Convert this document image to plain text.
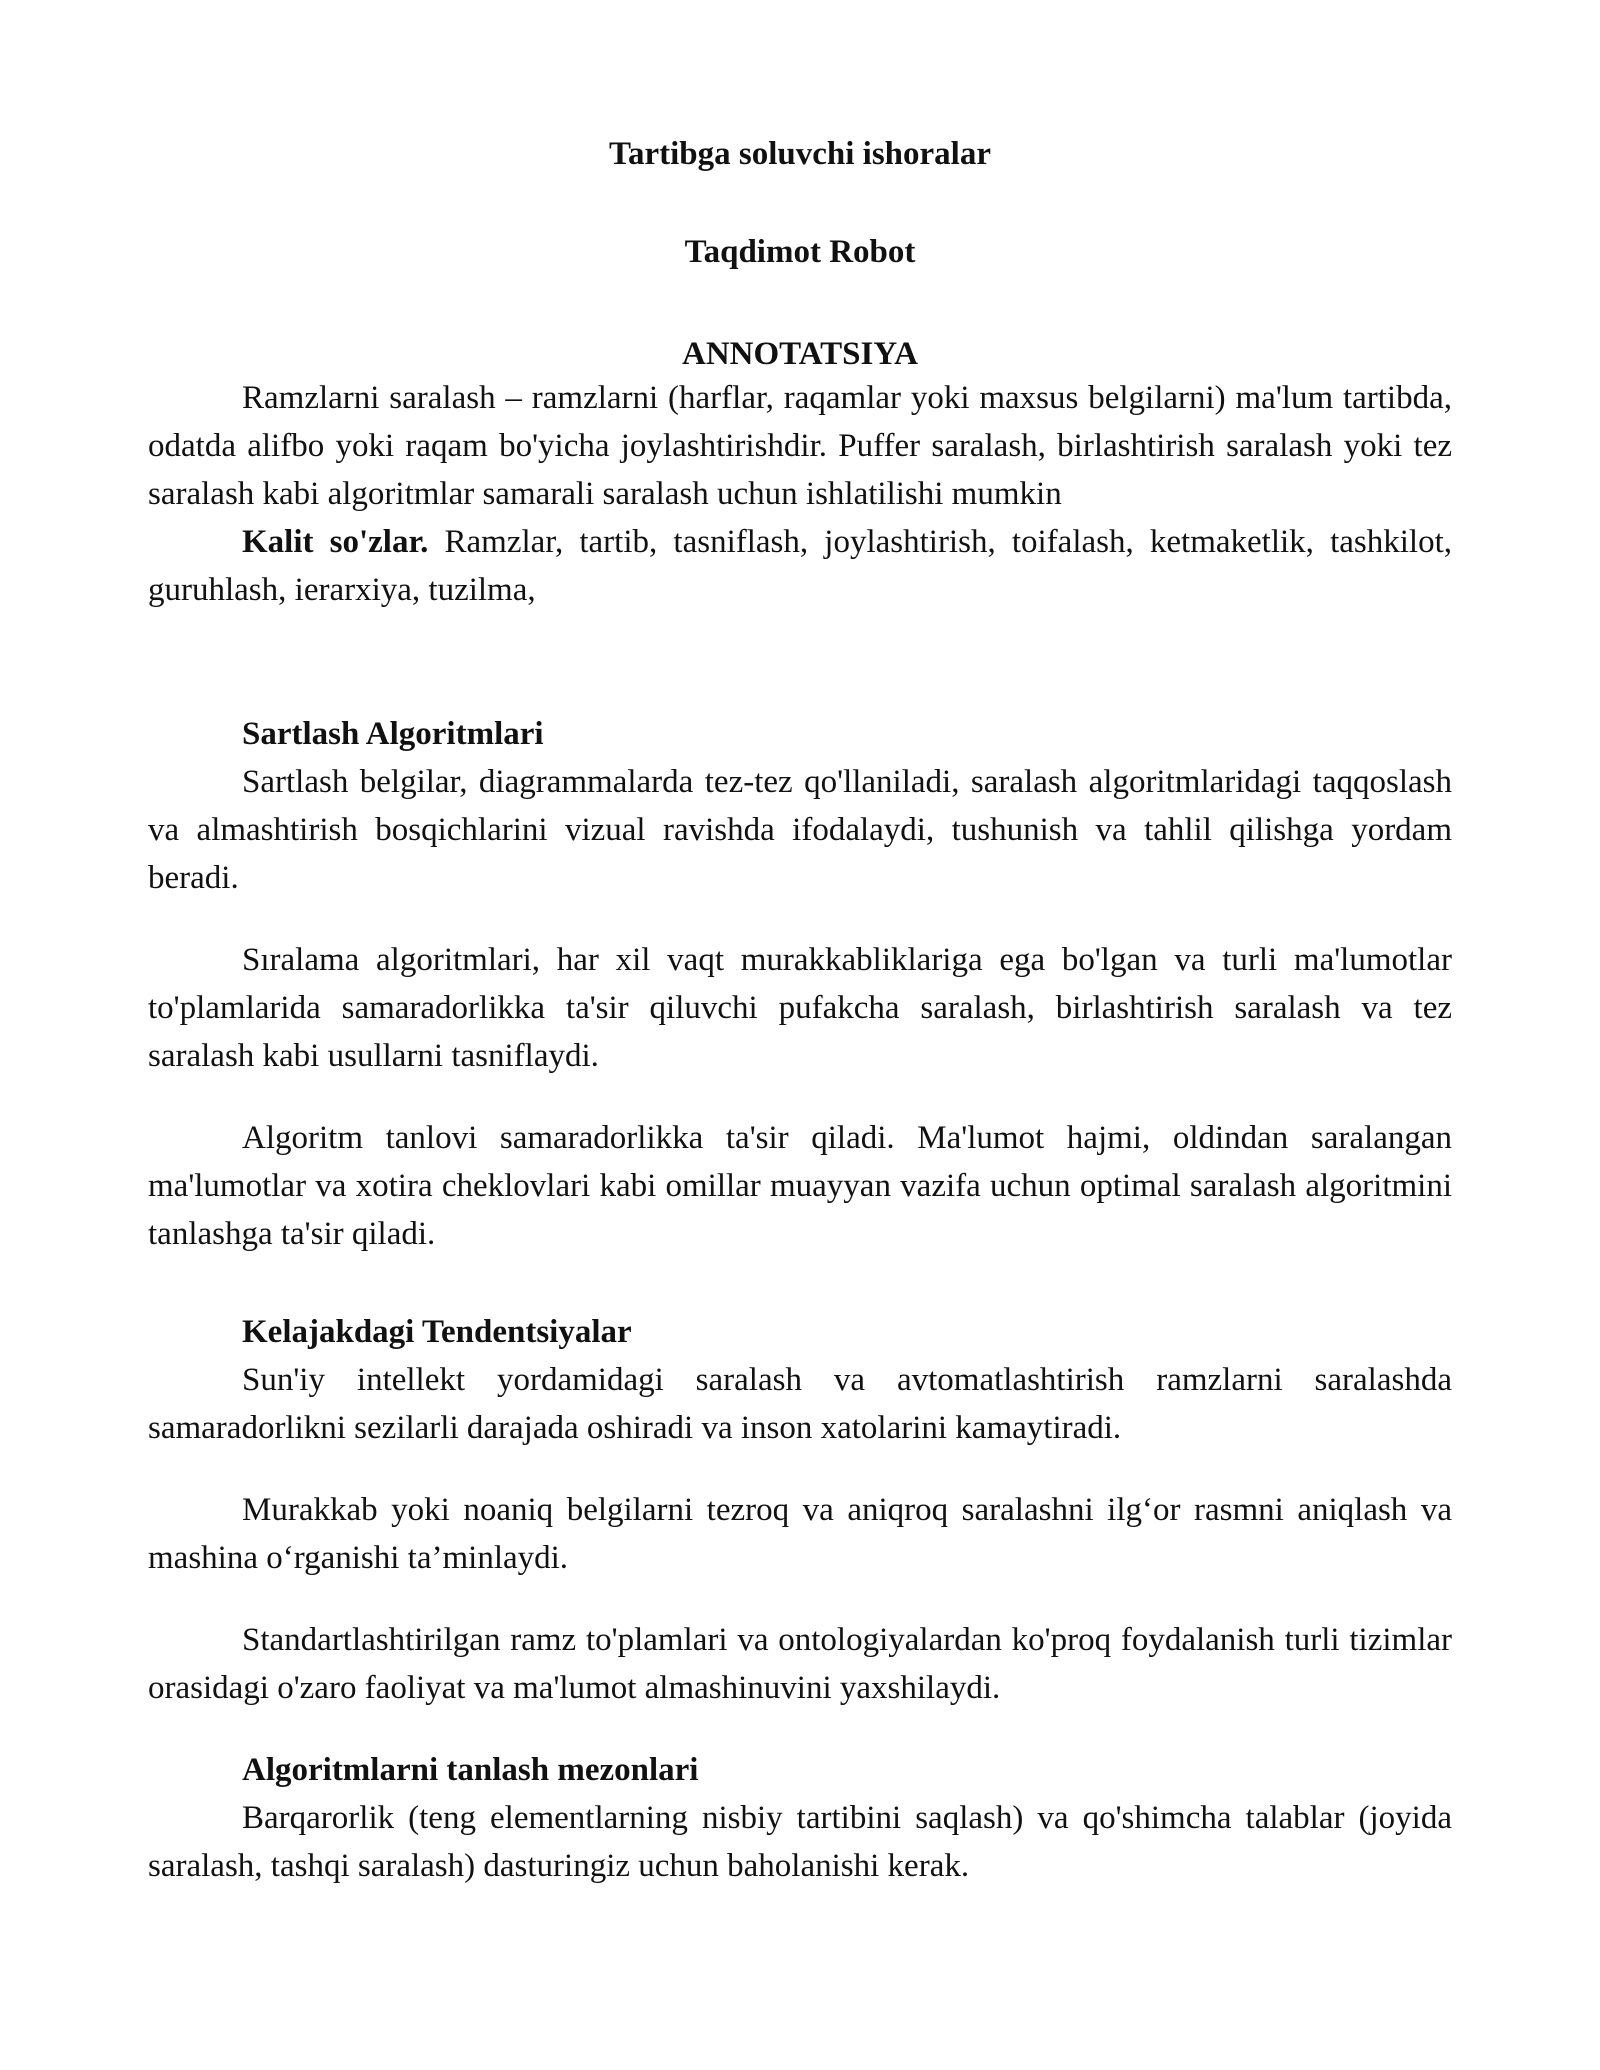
Tartibga soluvchi ishoralar
Taqdimot Robot
ANNOTATSIYA

Ramzlarni saralash – ramzlarni (harflar, raqamlar yoki maxsus belgilarni) ma'lum tartibda, odatda alifbo yoki raqam bo'yicha joylashtirishdir. Puffer saralash, birlashtirish saralash yoki tez saralash kabi algoritmlar samarali saralash uchun ishlatilishi mumkin

Kalit so'zlar. Ramzlar, tartib, tasniflash, joylashtirish, toifalash, ketmaketlik, tashkilot, guruhlash, ierarxiya, tuzilma,

Sartlash Algoritmlari

Sartlash belgilar, diagrammalarda tez-tez qo'llaniladi, saralash algoritmlaridagi taqqoslash va almashtirish bosqichlarini vizual ravishda ifodalaydi, tushunish va tahlil qilishga yordam beradi.

Sıralama algoritmlari, har xil vaqt murakkabliklariga ega bo'lgan va turli ma'lumotlar to'plamlarida samaradorlikka ta'sir qiluvchi pufakcha saralash, birlashtirish saralash va tez saralash kabi usullarni tasniflaydi.

Algoritm tanlovi samaradorlikka ta'sir qiladi. Ma'lumot hajmi, oldindan saralangan ma'lumotlar va xotira cheklovlari kabi omillar muayyan vazifa uchun optimal saralash algoritmini tanlashga ta'sir qiladi.

Kelajakdagi Tendentsiyalar

Sun'iy intellekt yordamidagi saralash va avtomatlashtirish ramzlarni saralashda samaradorlikni sezilarli darajada oshiradi va inson xatolarini kamaytiradi.

Murakkab yoki noaniq belgilarni tezroq va aniqroq saralashni ilg‘or rasmni aniqlash va mashina o‘rganishi ta’minlaydi.

Standartlashtirilgan ramz to'plamlari va ontologiyalardan ko'proq foydalanish turli tizimlar orasidagi o'zaro faoliyat va ma'lumot almashinuvini yaxshilaydi.

Algoritmlarni tanlash mezonlari

Barqarorlik (teng elementlarning nisbiy tartibini saqlash) va qo'shimcha talablar (joyida saralash, tashqi saralash) dasturingiz uchun baholanishi kerak.
